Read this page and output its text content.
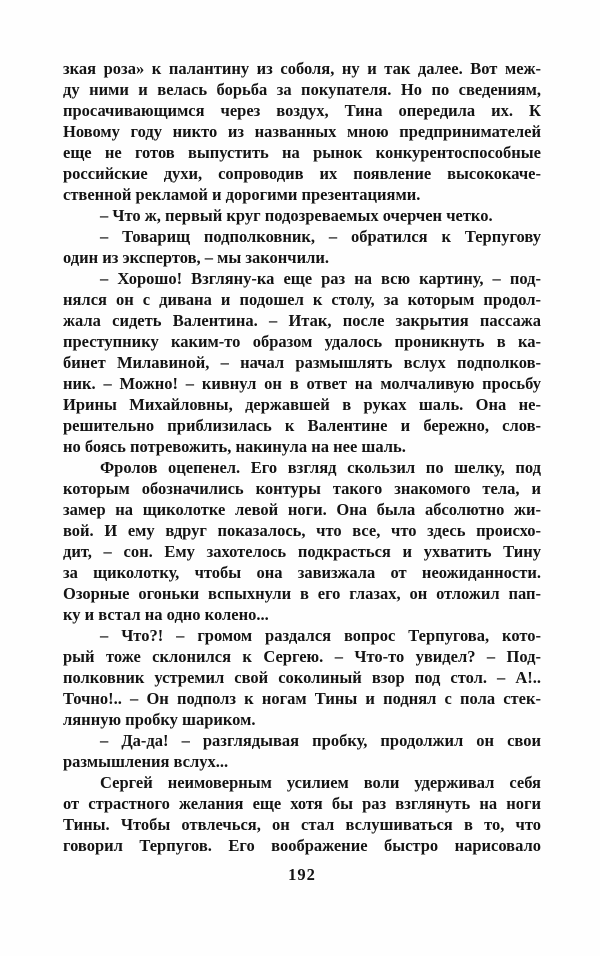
зкая роза» к палантину из соболя, ну и так далее. Вот меж-
ду ними и велась борьба за покупателя. Но по сведениям,
просачивающимся через воздух, Тина опередила их. К
Новому году никто из названных мною предпринимателей
еще не готов выпустить на рынок конкурентоспособные
российские духи, сопроводив их появление высококаче-
ственной рекламой и дорогими презентациями.
– Что ж, первый круг подозреваемых очерчен четко.
– Товарищ подполковник, – обратился к Терпугову
один из экспертов, – мы закончили.
– Хорошо! Взгляну-ка еще раз на всю картину, – под-
нялся он с дивана и подошел к столу, за которым продол-
жала сидеть Валентина. – Итак, после закрытия пассажа
преступнику каким-то образом удалось проникнуть в ка-
бинет Милавиной, – начал размышлять вслух подполков-
ник. – Можно! – кивнул он в ответ на молчаливую просьбу
Ирины Михайловны, державшей в руках шаль. Она не-
решительно приблизилась к Валентине и бережно, слов-
но боясь потревожить, накинула на нее шаль.
Фролов оцепенел. Его взгляд скользил по шелку, под
которым обозначились контуры такого знакомого тела, и
замер на щиколотке левой ноги. Она была абсолютно жи-
вой. И ему вдруг показалось, что все, что здесь происхо-
дит, – сон. Ему захотелось подкрасться и ухватить Тину
за щиколотку, чтобы она завизжала от неожиданности.
Озорные огоньки вспыхнули в его глазах, он отложил пап-
ку и встал на одно колено...
– Что?! – громом раздался вопрос Терпугова, кото-
рый тоже склонился к Сергею. – Что-то увидел? – Под-
полковник устремил свой соколиный взор под стол. – А!..
Точно!.. – Он подполз к ногам Тины и поднял с пола стек-
лянную пробку шариком.
– Да-да! – разглядывая пробку, продолжил он свои
размышления вслух...
Сергей неимоверным усилием воли удерживал себя
от страстного желания еще хотя бы раз взглянуть на ноги
Тины. Чтобы отвлечься, он стал вслушиваться в то, что
говорил Терпугов. Его воображение быстро нарисовало
192
